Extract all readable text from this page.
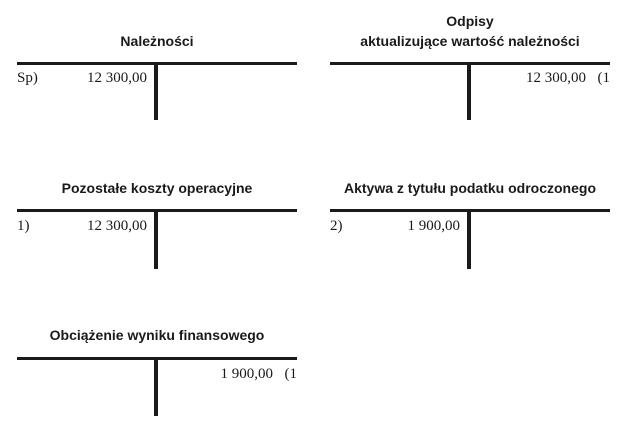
Należności
Sp)	12 300,00
Odpisy
aktualizujące wartość należności
12 300,00 (1
Pozostałe koszty operacyjne
1)	12 300,00
Aktywa z tytułu podatku odroczonego
2)	1 900,00
Obciążenie wyniku finansowego
1 900,00 (1
